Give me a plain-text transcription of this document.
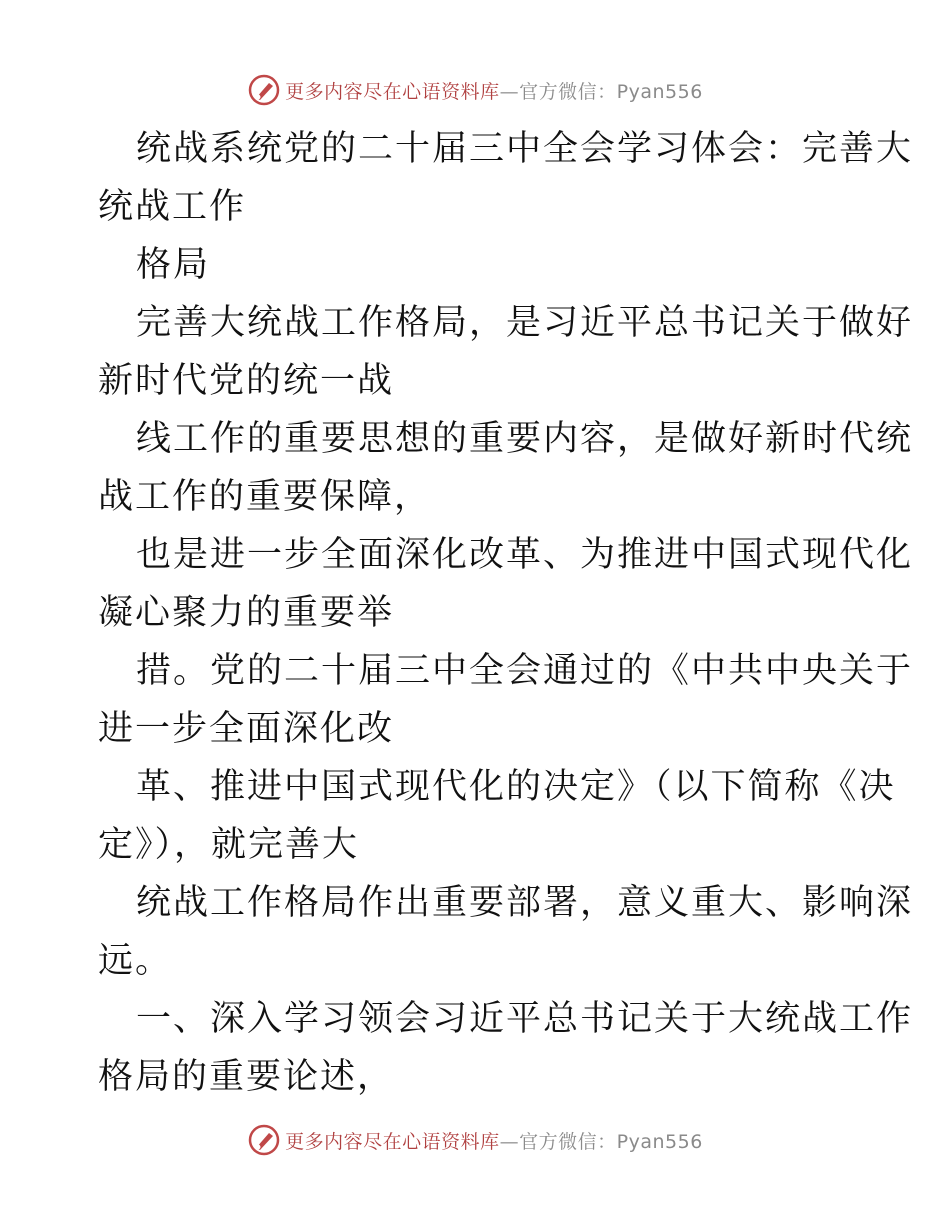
更多内容尽在心语资料库—官方微信：Pyan556
统战系统党的二十届三中全会学习体会：完善大
统战工作
格局
完善大统战工作格局，是习近平总书记关于做好
新时代党的统一战
线工作的重要思想的重要内容，是做好新时代统
战工作的重要保障，
也是进一步全面深化改革、为推进中国式现代化
凝心聚力的重要举
措。党的二十届三中全会通过的《中共中央关于
进一步全面深化改
革、推进中国式现代化的决定》（以下简称《决
定》），就完善大
统战工作格局作出重要部署，意义重大、影响深
远。
一、深入学习领会习近平总书记关于大统战工作
格局的重要论述，
更多内容尽在心语资料库—官方微信：Pyan556
